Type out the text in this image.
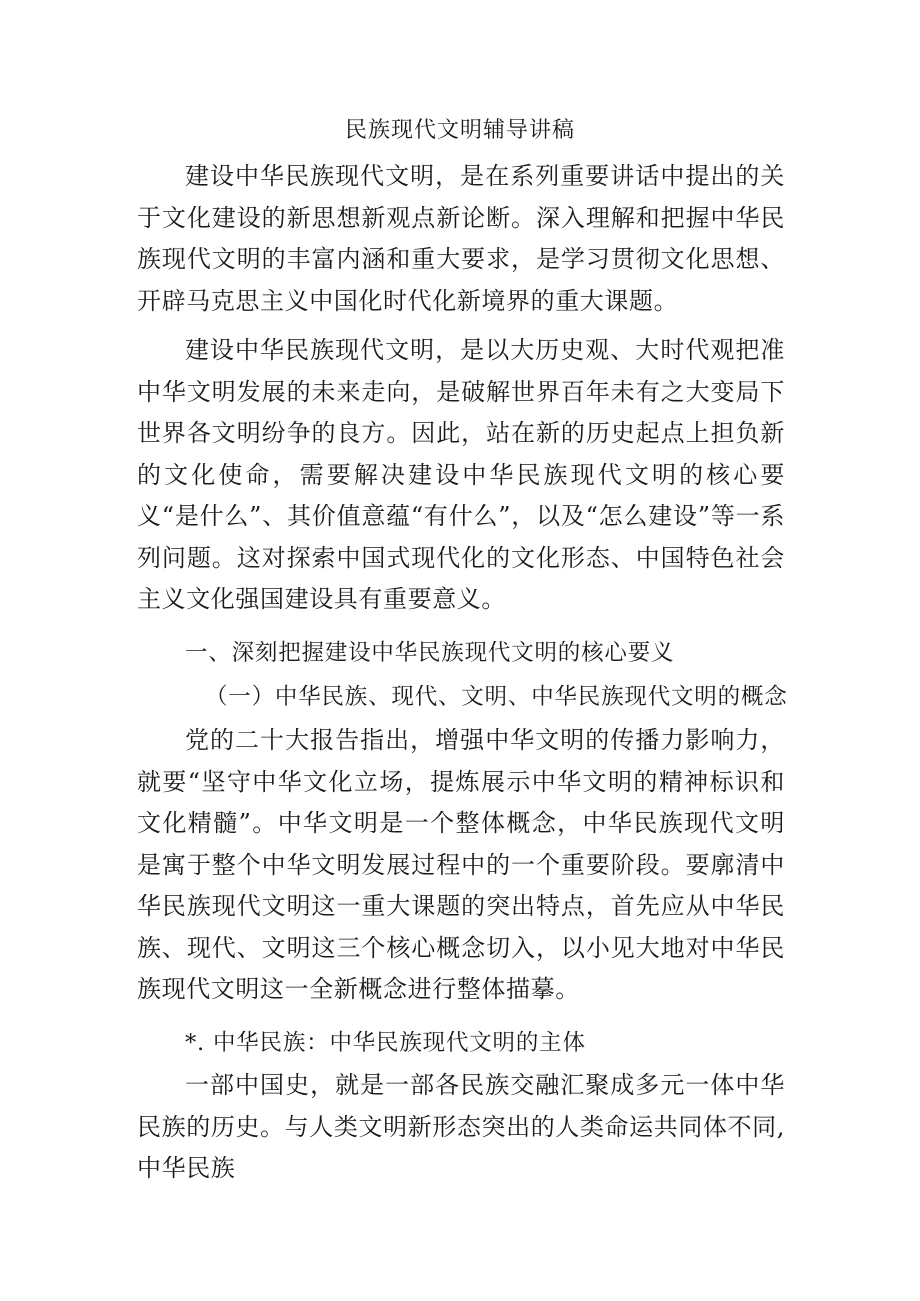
民族现代文明辅导讲稿

建设中华民族现代文明，是在系列重要讲话中提出的关于文化建设的新思想新观点新论断。深入理解和把握中华民族现代文明的丰富内涵和重大要求，是学习贯彻文化思想、开辟马克思主义中国化时代化新境界的重大课题。

建设中华民族现代文明，是以大历史观、大时代观把准中华文明发展的未来走向，是破解世界百年未有之大变局下世界各文明纷争的良方。因此，站在新的历史起点上担负新的文化使命，需要解决建设中华民族现代文明的核心要义“是什么”、其价值意蕴“有什么”，以及“怎么建设”等一系列问题。这对探索中国式现代化的文化形态、中国特色社会主义文化强国建设具有重要意义。

一、深刻把握建设中华民族现代文明的核心要义

（一）中华民族、现代、文明、中华民族现代文明的概念

党的二十大报告指出，增强中华文明的传播力影响力，就要“坚守中华文化立场，提炼展示中华文明的精神标识和文化精髓”。中华文明是一个整体概念，中华民族现代文明是寓于整个中华文明发展过程中的一个重要阶段。要廓清中华民族现代文明这一重大课题的突出特点，首先应从中华民族、现代、文明这三个核心概念切入，以小见大地对中华民族现代文明这一全新概念进行整体描摹。

*. 中华民族：中华民族现代文明的主体

一部中国史，就是一部各民族交融汇聚成多元一体中华民族的历史。与人类文明新形态突出的人类命运共同体不同,中华民族
